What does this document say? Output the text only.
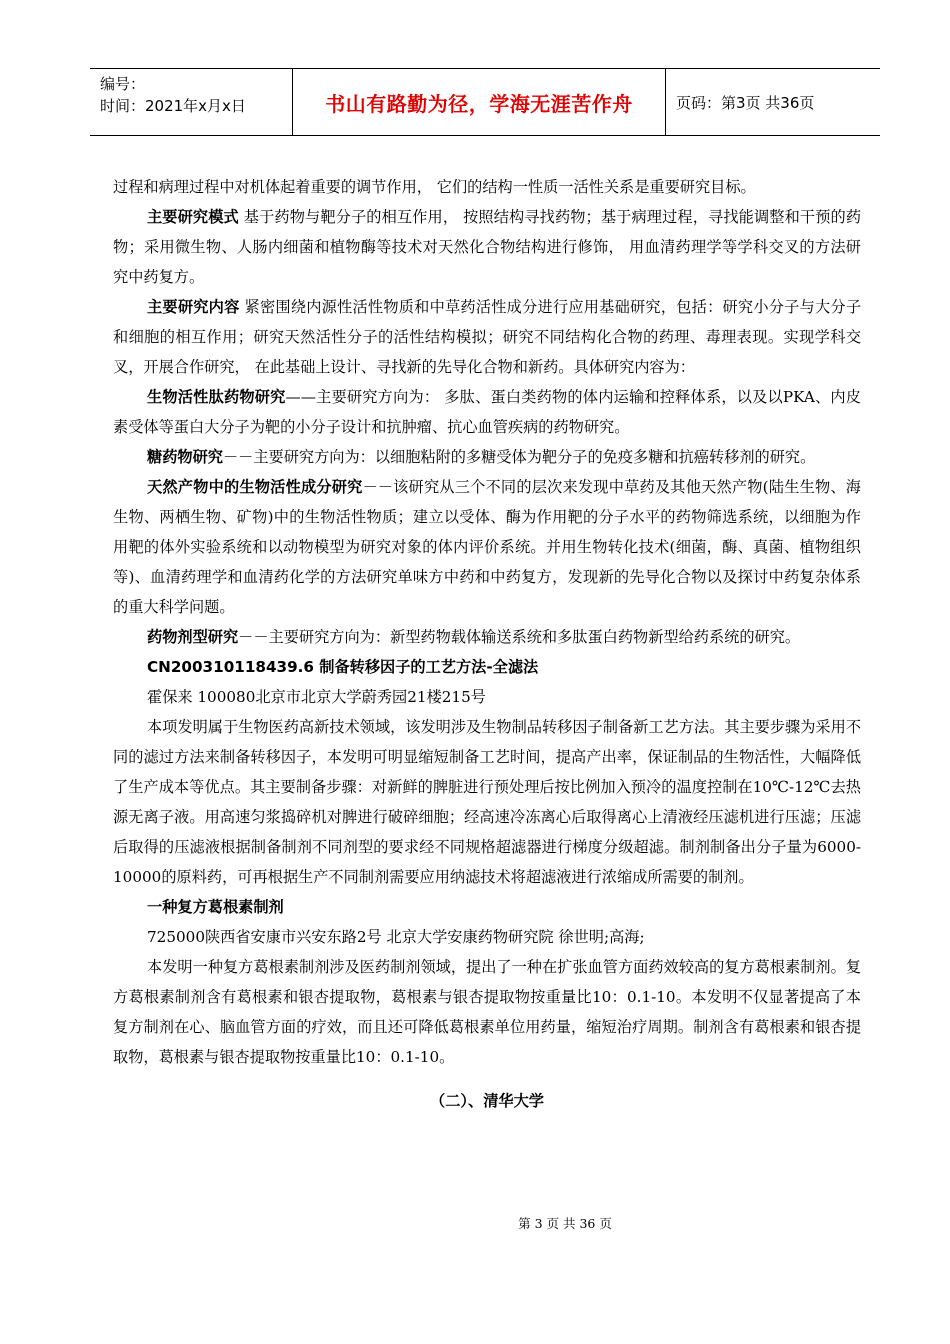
编号：
时间：2021年x月x日	书山有路勤为径，学海无涯苦作舟	页码：第3页 共36页

过程和病理过程中对机体起着重要的调节作用， 它们的结构一性质一活性关系是重要研究目标。

主要研究模式 基于药物与靶分子的相互作用， 按照结构寻找药物；基于病理过程，寻找能调整和干预的药物；采用微生物、人肠内细菌和植物酶等技术对天然化合物结构进行修饰， 用血清药理学等学科交叉的方法研究中药复方。

主要研究内容 紧密围绕内源性活性物质和中草药活性成分进行应用基础研究，包括：研究小分子与大分子和细胞的相互作用；研究天然活性分子的活性结构模拟；研究不同结构化合物的药理、毒理表现。实现学科交叉，开展合作研究， 在此基础上设计、寻找新的先导化合物和新药。具体研究内容为：

生物活性肽药物研究——主要研究方向为： 多肽、蛋白类药物的体内运输和控释体系，以及以PKA、内皮素受体等蛋白大分子为靶的小分子设计和抗肿瘤、抗心血管疾病的药物研究。

糖药物研究－－主要研究方向为：以细胞粘附的多糖受体为靶分子的免疫多糖和抗癌转移剂的研究。

天然产物中的生物活性成分研究－－该研究从三个不同的层次来发现中草药及其他天然产物(陆生生物、海生物、两栖生物、矿物)中的生物活性物质；建立以受体、酶为作用靶的分子水平的药物筛选系统，以细胞为作用靶的体外实验系统和以动物模型为研究对象的体内评价系统。并用生物转化技术(细菌，酶、真菌、植物组织等)、血清药理学和血清药化学的方法研究单味方中药和中药复方，发现新的先导化合物以及探讨中药复杂体系的重大科学问题。

药物剂型研究－－主要研究方向为：新型药物载体输送系统和多肽蛋白药物新型给药系统的研究。

CN200310118439.6 制备转移因子的工艺方法-全滤法

霍保来 100080北京市北京大学蔚秀园21楼215号

本项发明属于生物医药高新技术领域，该发明涉及生物制品转移因子制备新工艺方法。其主要步骤为采用不同的滤过方法来制备转移因子，本发明可明显缩短制备工艺时间，提高产出率，保证制品的生物活性，大幅降低了生产成本等优点。其主要制备步骤：对新鲜的脾脏进行预处理后按比例加入预冷的温度控制在10℃-12℃去热源无离子液。用高速匀浆捣碎机对脾进行破碎细胞；经高速冷冻离心后取得离心上清液经压滤机进行压滤；压滤后取得的压滤液根据制备制剂不同剂型的要求经不同规格超滤器进行梯度分级超滤。制剂制备出分子量为6000-10000的原料药，可再根据生产不同制剂需要应用纳滤技术将超滤液进行浓缩成所需要的制剂。

一种复方葛根素制剂

725000陕西省安康市兴安东路2号 北京大学安康药物研究院 徐世明;高海;

本发明一种复方葛根素制剂涉及医药制剂领域，提出了一种在扩张血管方面药效较高的复方葛根素制剂。复方葛根素制剂含有葛根素和银杏提取物，葛根素与银杏提取物按重量比10：0.1-10。本发明不仅显著提高了本复方制剂在心、脑血管方面的疗效，而且还可降低葛根素单位用药量，缩短治疗周期。制剂含有葛根素和银杏提取物，葛根素与银杏提取物按重量比10：0.1-10。

（二）、清华大学

第 3 页 共 36 页
